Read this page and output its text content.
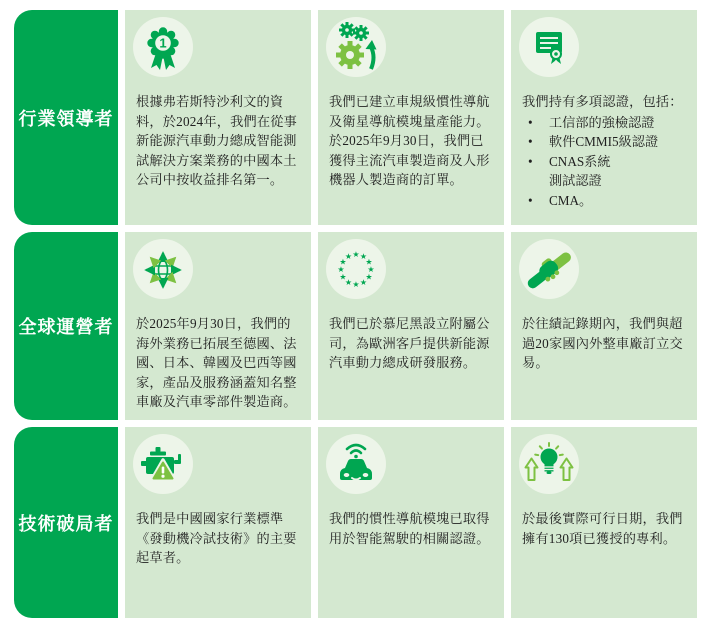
行業領導者
1

根據弗若斯特沙利文的資料，於2024年，我們在從事新能源汽車動力總成智能測試解決方案業務的中國本土公司中按收益排名第一。

我們已建立車規級慣性導航及衛星導航模塊量產能力。於2025年9月30日，我們已獲得主流汽車製造商及人形機器人製造商的訂單。

我們持有多項認證，包括：

• 工信部的強檢認證
• 軟件CMMI5級認證
• CNAS系統
測試認證
• CMA。
全球運營者 於2025年9月30日，我們的海外業務已拓展至德國、法國、日本、韓國及巴西等國家，產品及服務涵蓋知名整車廠及汽車零部件製造商。

★ ★
★
★
★
★
★
★
★
★
★
★

我們已於慕尼黑設立附屬公司，為歐洲客戶提供新能源汽車動力總成研發服務。

於往績記錄期內，我們與超過20家國內外整車廠訂立交易。

技術破局者 我們是中國國家行業標準《發動機冷試技術》的主要起草者。

我們的慣性導航模塊已取得用於智能駕駛的相關認證。

於最後實際可行日期，我們擁有130項已獲授的專利。
